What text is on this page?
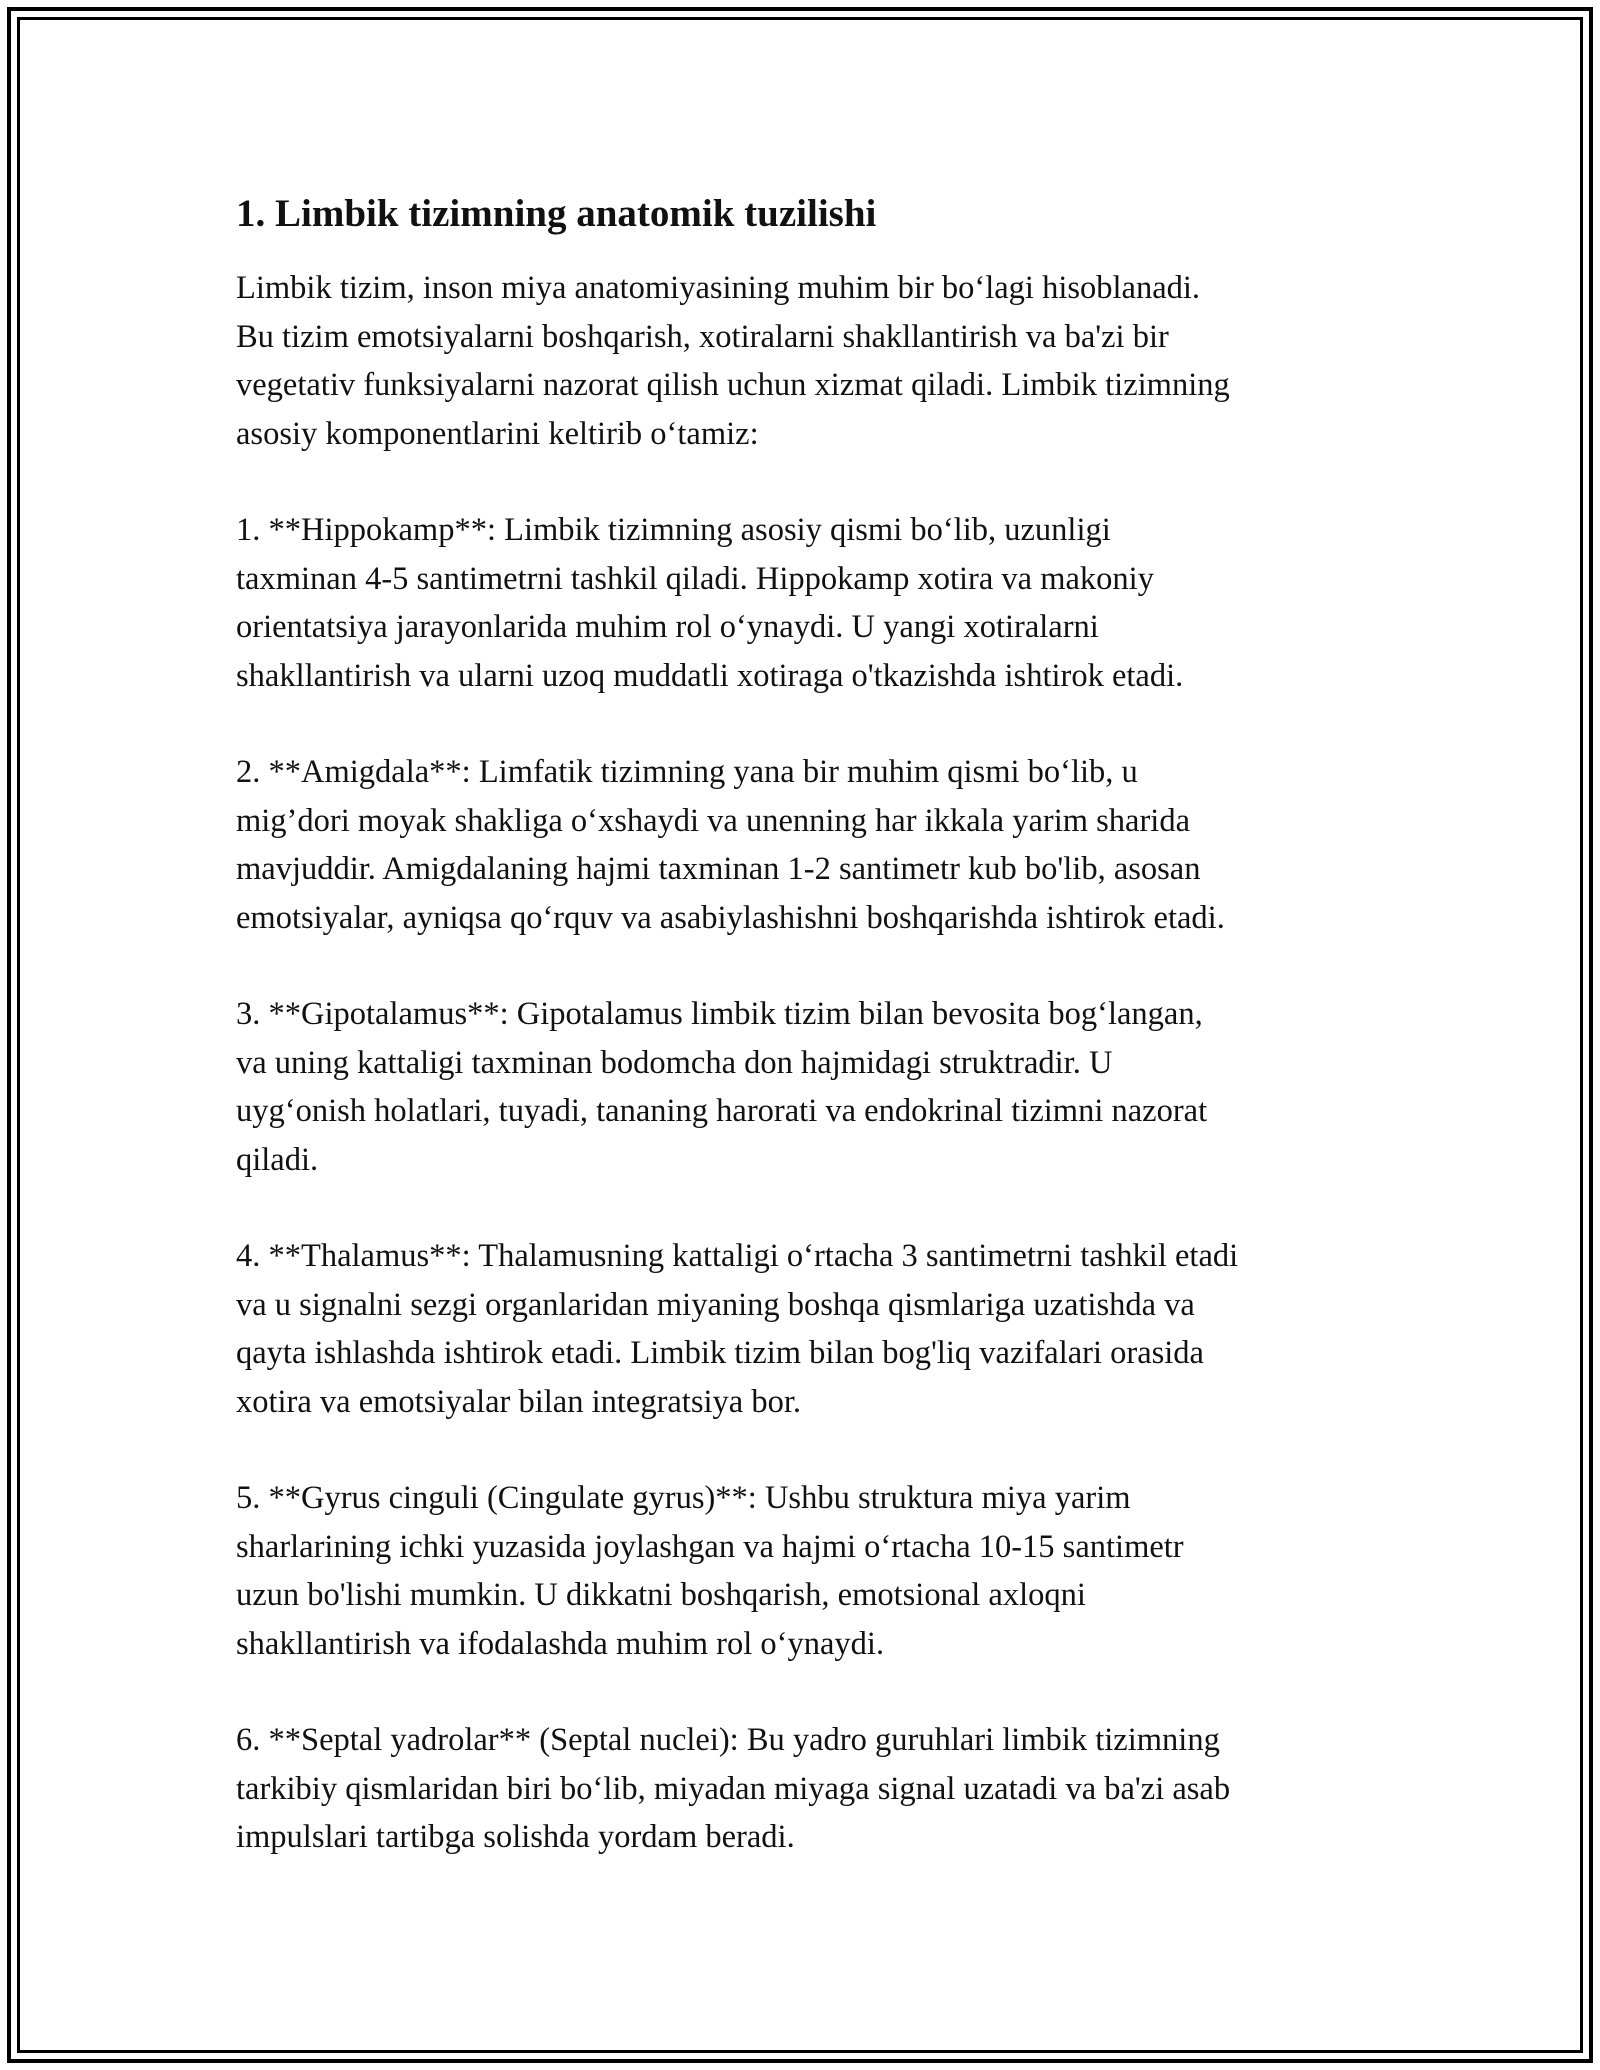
1. Limbik tizimning anatomik tuzilishi

Limbik tizim, inson miya anatomiyasining muhim bir bo‘lagi hisoblanadi.
Bu tizim emotsiyalarni boshqarish, xotiralarni shakllantirish va ba'zi bir
vegetativ funksiyalarni nazorat qilish uchun xizmat qiladi. Limbik tizimning
asosiy komponentlarini keltirib o‘tamiz:

1. **Hippokamp**: Limbik tizimning asosiy qismi bo‘lib, uzunligi
taxminan 4-5 santimetrni tashkil qiladi. Hippokamp xotira va makoniy
orientatsiya jarayonlarida muhim rol o‘ynaydi. U yangi xotiralarni
shakllantirish va ularni uzoq muddatli xotiraga o'tkazishda ishtirok etadi.

2. **Amigdala**: Limfatik tizimning yana bir muhim qismi bo‘lib, u
mig’dori moyak shakliga o‘xshaydi va unenning har ikkala yarim sharida
mavjuddir. Amigdalaning hajmi taxminan 1-2 santimetr kub bo'lib, asosan
emotsiyalar, ayniqsa qo‘rquv va asabiylashishni boshqarishda ishtirok etadi.

3. **Gipotalamus**: Gipotalamus limbik tizim bilan bevosita bog‘langan,
va uning kattaligi taxminan bodomcha don hajmidagi struktradir. U
uyg‘onish holatlari, tuyadi, tananing harorati va endokrinal tizimni nazorat
qiladi.

4. **Thalamus**: Thalamusning kattaligi o‘rtacha 3 santimetrni tashkil etadi
va u signalni sezgi organlaridan miyaning boshqa qismlariga uzatishda va
qayta ishlashda ishtirok etadi. Limbik tizim bilan bog'liq vazifalari orasida
xotira va emotsiyalar bilan integratsiya bor.

5. **Gyrus cinguli (Cingulate gyrus)**: Ushbu struktura miya yarim
sharlarining ichki yuzasida joylashgan va hajmi o‘rtacha 10-15 santimetr
uzun bo'lishi mumkin. U dikkatni boshqarish, emotsional axloqni
shakllantirish va ifodalashda muhim rol o‘ynaydi.

6. **Septal yadrolar** (Septal nuclei): Bu yadro guruhlari limbik tizimning
tarkibiy qismlaridan biri bo‘lib, miyadan miyaga signal uzatadi va ba'zi asab
impulslari tartibga solishda yordam beradi.
